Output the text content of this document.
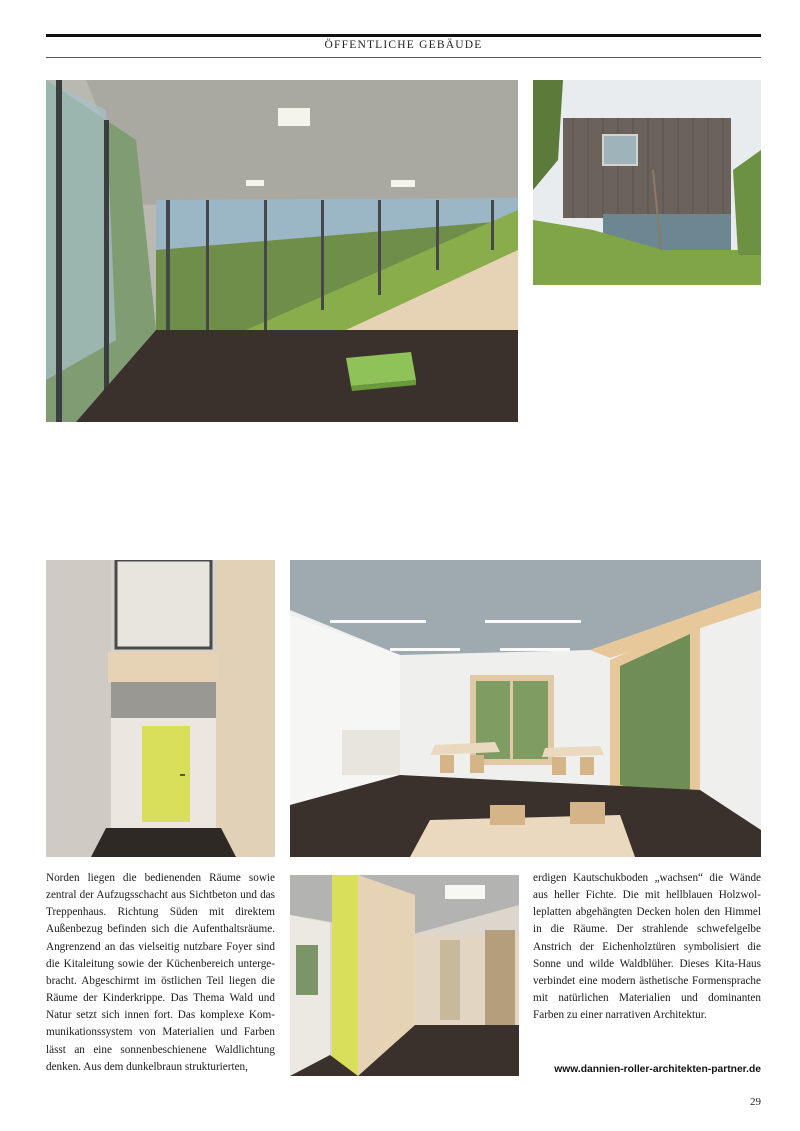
ÖFFENTLICHE GEBÄUDE

Norden liegen die bedienenden Räume sowie zentral der Aufzugsschacht aus Sichtbeton und das Treppenhaus. Richtung Süden mit direktem Außenbezug befinden sich die Aufenthaltsräume. Angrenzend an das vielseitig nutzbare Foyer sind die Kitaleitung sowie der Küchenbereich untergebracht. Abgeschirmt im östlichen Teil liegen die Räume der Kinderkrippe. Das Thema Wald und Natur setzt sich innen fort. Das komplexe Kommunikationssystem von Materialien und Farben lässt an eine sonnenbeschienene Waldlichtung denken. Aus dem dunkelbraun strukturierten,

erdigen Kautschukboden „wachsen“ die Wände aus heller Fichte. Die mit hellblauen Holzwolleplatten abgehängten Decken holen den Himmel in die Räume. Der strahlende schwefelgelbe Anstrich der Eichenholztüren symbolisiert die Sonne und wilde Waldblüher. Dieses Kita-Haus verbindet eine modern ästhetische Formensprache mit natürlichen Materialien und dominanten Farben zu einer narrativen Architektur.

www.dannien-roller-architekten-partner.de
29
